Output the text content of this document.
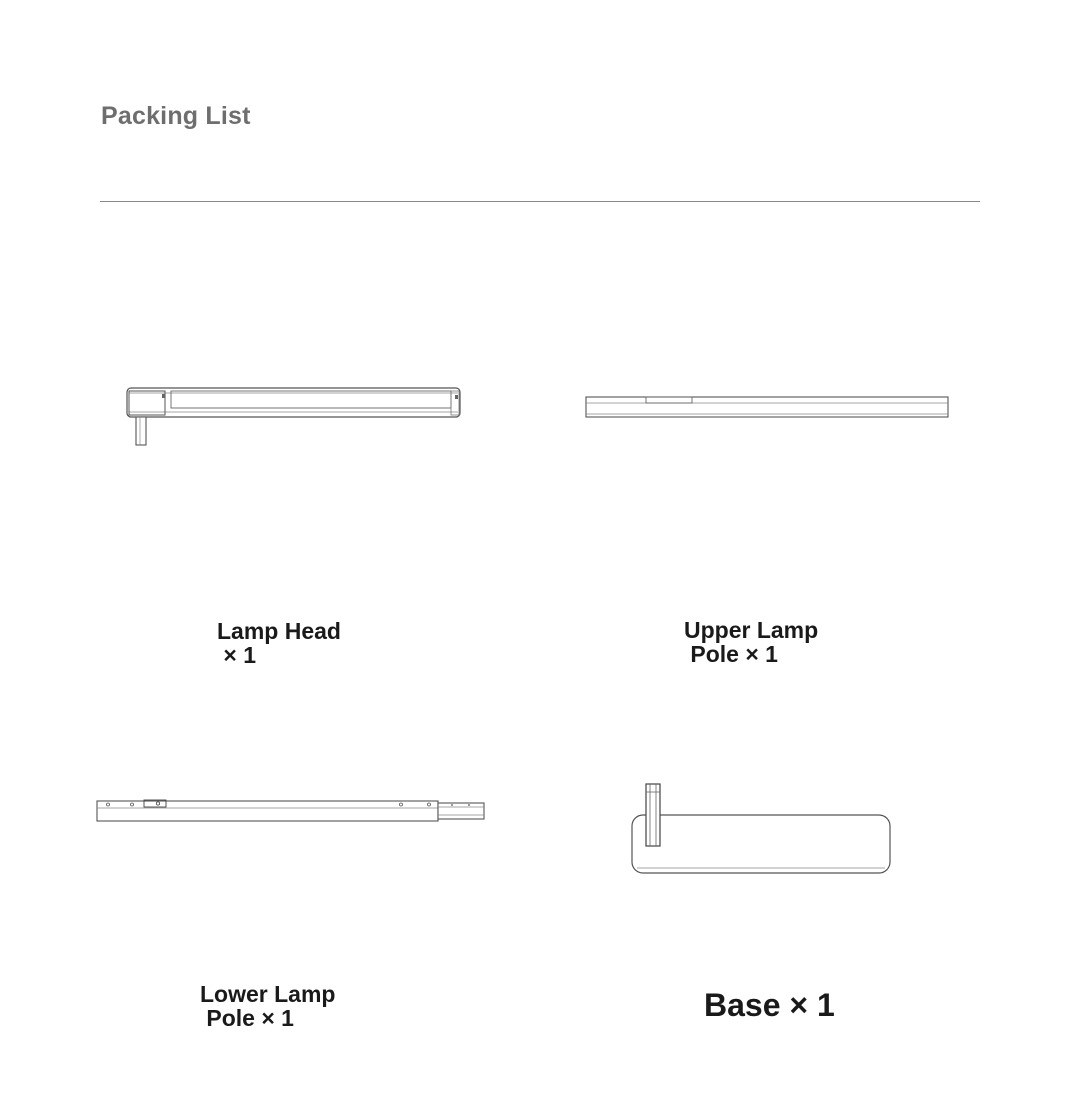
Packing List

Lamp Head

× 1

Upper Lamp

Pole × 1

Lower Lamp

Pole × 1	Base × 1
